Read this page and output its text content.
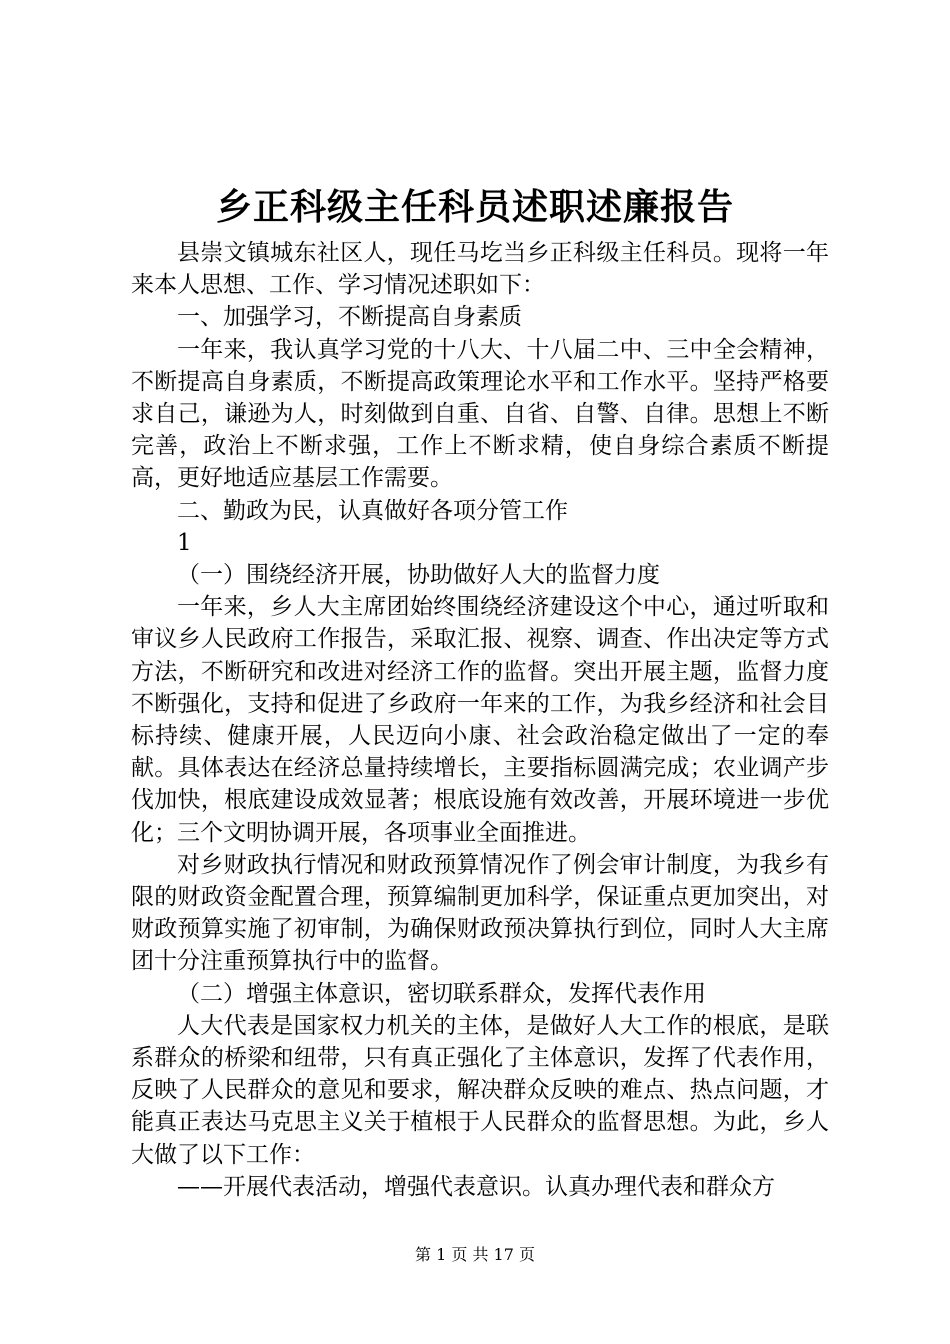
乡正科级主任科员述职述廉报告

县崇文镇城东社区人，现任马圪当乡正科级主任科员。现将一年来本人思想、工作、学习情况述职如下：

一、加强学习，不断提高自身素质

一年来，我认真学习党的十八大、十八届二中、三中全会精神，不断提高自身素质，不断提高政策理论水平和工作水平。坚持严格要求自己，谦逊为人，时刻做到自重、自省、自警、自律。思想上不断完善，政治上不断求强，工作上不断求精，使自身综合素质不断提高，更好地适应基层工作需要。

二、勤政为民，认真做好各项分管工作

1

（一）围绕经济开展，协助做好人大的监督力度

一年来，乡人大主席团始终围绕经济建设这个中心，通过听取和审议乡人民政府工作报告，采取汇报、视察、调查、作出决定等方式方法，不断研究和改进对经济工作的监督。突出开展主题，监督力度不断强化，支持和促进了乡政府一年来的工作，为我乡经济和社会目标持续、健康开展，人民迈向小康、社会政治稳定做出了一定的奉献。具体表达在经济总量持续增长，主要指标圆满完成；农业调产步伐加快，根底建设成效显著；根底设施有效改善，开展环境进一步优化；三个文明协调开展，各项事业全面推进。

对乡财政执行情况和财政预算情况作了例会审计制度，为我乡有限的财政资金配置合理，预算编制更加科学，保证重点更加突出，对财政预算实施了初审制，为确保财政预决算执行到位，同时人大主席团十分注重预算执行中的监督。

（二）增强主体意识，密切联系群众，发挥代表作用

人大代表是国家权力机关的主体，是做好人大工作的根底，是联系群众的桥梁和纽带，只有真正强化了主体意识，发挥了代表作用，反映了人民群众的意见和要求，解决群众反映的难点、热点问题，才能真正表达马克思主义关于植根于人民群众的监督思想。为此，乡人大做了以下工作：

——开展代表活动，增强代表意识。认真办理代表和群众方

第 1 页 共 17 页
